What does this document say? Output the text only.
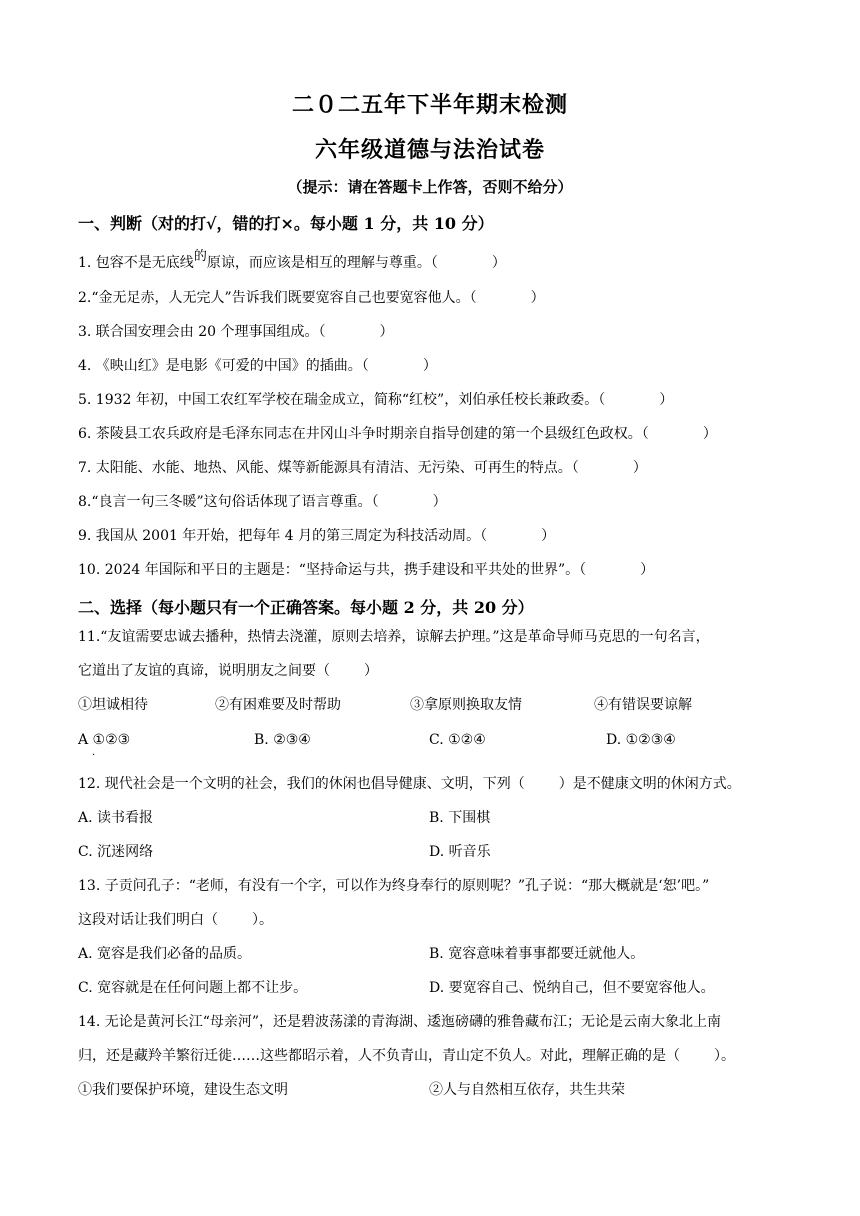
二０二五年下半年期末检测
六年级道德与法治试卷
（提示：请在答题卡上作答，否则不给分）
一、判断（对的打√，错的打×。每小题 1 分，共 10 分）
1. 包容不是无底线的原谅，而应该是相互的理解与尊重。（	）
2.“金无足赤，人无完人”告诉我们既要宽容自己也要宽容他人。（	）
3. 联合国安理会由 20 个理事国组成。（	）
4. 《映山红》是电影《可爱的中国》的插曲。（	）
5. 1932 年初，中国工农红军学校在瑞金成立，简称“红校”，刘伯承任校长兼政委。（	）
6. 茶陵县工农兵政府是毛泽东同志在井冈山斗争时期亲自指导创建的第一个县级红色政权。（	）
7. 太阳能、水能、地热、风能、煤等新能源具有清洁、无污染、可再生的特点。（	）
8.“良言一句三冬暖”这句俗话体现了语言尊重。（	）
9. 我国从 2001 年开始，把每年 4 月的第三周定为科技活动周。（	）
10. 2024 年国际和平日的主题是：“坚持命运与共，携手建设和平共处的世界”。（	）
二、选择（每小题只有一个正确答案。每小题 2 分，共 20 分）
11.“友谊需要忠诚去播种，热情去浇灌，原则去培养，谅解去护理。”这是革命导师马克思的一句名言，
它道出了友谊的真谛，说明朋友之间要（ ）
①坦诚相待	②有困难要及时帮助	③拿原则换取友情	④有错误要谅解
A ①②③
·
B. ②③④	C. ①②④	D. ①②③④
12. 现代社会是一个文明的社会，我们的休闲也倡导健康、文明，下列（ ）是不健康文明的休闲方式。
A. 读书看报	B. 下围棋
C. 沉迷网络	D. 听音乐
13. 子贡问孔子：“老师，有没有一个字，可以作为终身奉行的原则呢？”孔子说：“那大概就是‘恕’吧。”
这段对话让我们明白（ ）。
A. 宽容是我们必备的品质。	B. 宽容意味着事事都要迁就他人。
C. 宽容就是在任何问题上都不让步。	D. 要宽容自己、悦纳自己，但不要宽容他人。
14. 无论是黄河长江“母亲河”，还是碧波荡漾的青海湖、逶迤磅礴的雅鲁藏布江；无论是云南大象北上南
归，还是藏羚羊繁衍迁徙……这些都昭示着，人不负青山，青山定不负人。对此，理解正确的是（ ）。
①我们要保护环境，建设生态文明	②人与自然相互依存，共生共荣
